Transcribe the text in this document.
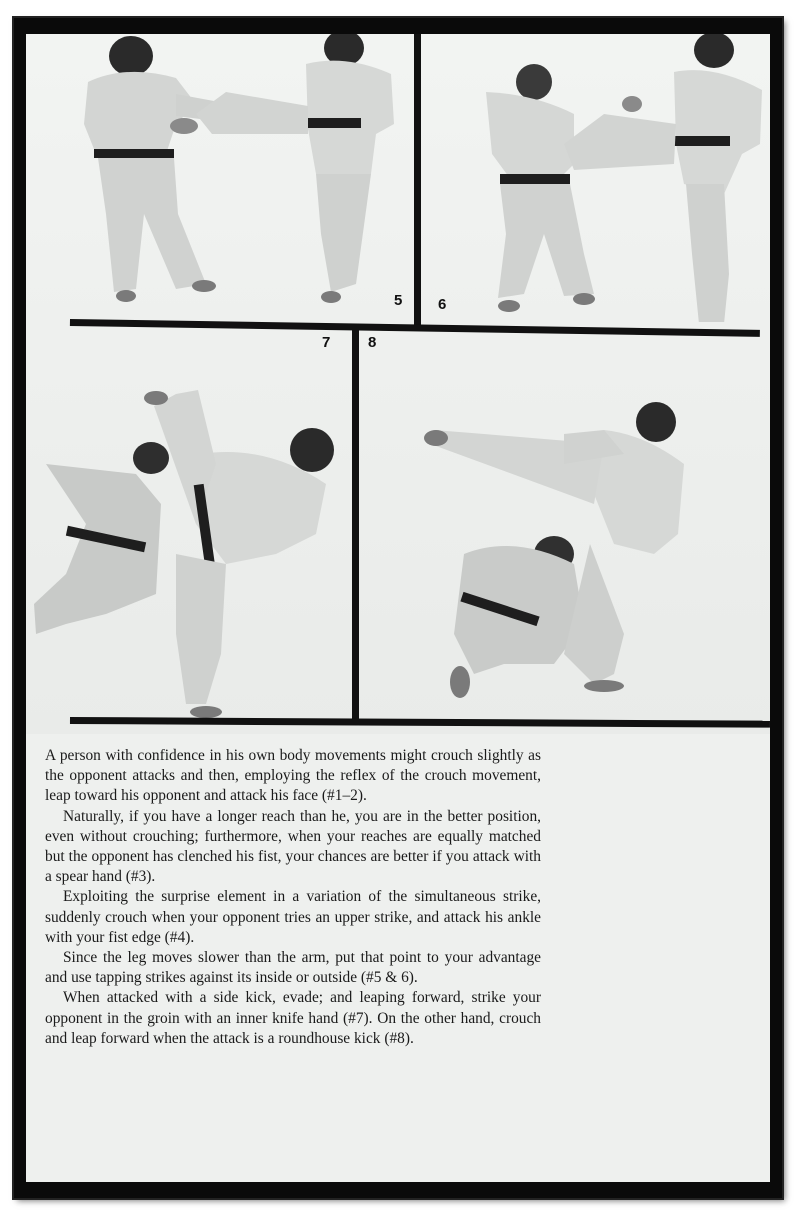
5 6
7	8

A person with confidence in his own body movements might crouch slightly as the opponent attacks and then, employing the reflex of the crouch movement, leap toward his opponent and attack his face (#1–2).

Naturally, if you have a longer reach than he, you are in the better position, even without crouching; furthermore, when your reaches are equally matched but the opponent has clenched his fist, your chances are better if you attack with a spear hand (#3).

Exploiting the surprise element in a variation of the simultaneous strike, suddenly crouch when your opponent tries an upper strike, and attack his ankle with your fist edge (#4).

Since the leg moves slower than the arm, put that point to your advantage and use tapping strikes against its inside or outside (#5 & 6).

When attacked with a side kick, evade; and leaping forward, strike your opponent in the groin with an inner knife hand (#7). On the other hand, crouch and leap forward when the attack is a roundhouse kick (#8).
